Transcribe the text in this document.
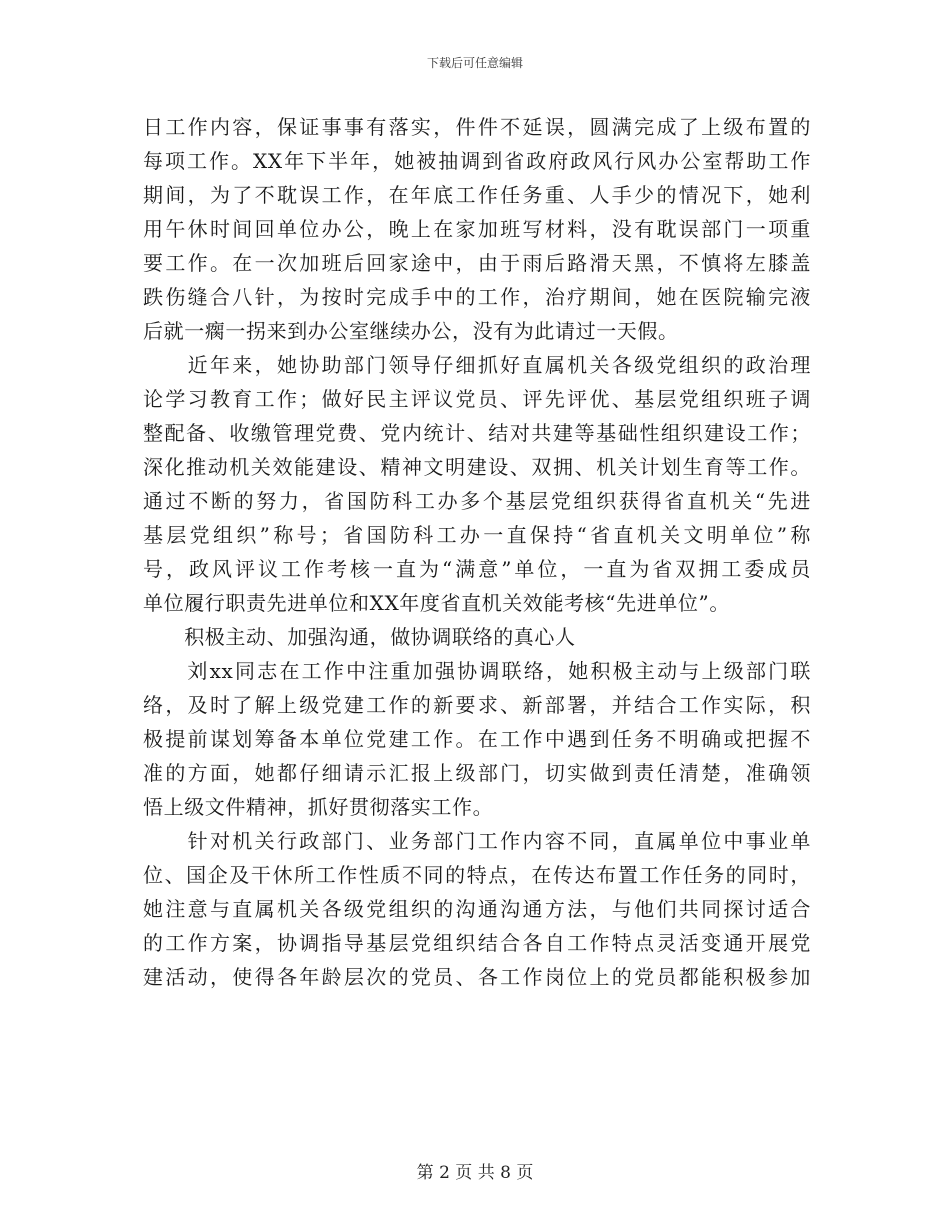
下载后可任意编辑
日工作内容，保证事事有落实，件件不延误，圆满完成了上级布置的
每项工作。XX年下半年，她被抽调到省政府政风行风办公室帮助工作
期间，为了不耽误工作，在年底工作任务重、人手少的情况下，她利
用午休时间回单位办公，晚上在家加班写材料，没有耽误部门一项重
要工作。在一次加班后回家途中，由于雨后路滑天黑，不慎将左膝盖
跌伤缝合八针，为按时完成手中的工作，治疗期间，她在医院输完液
后就一瘸一拐来到办公室继续办公，没有为此请过一天假。
　　近年来，她协助部门领导仔细抓好直属机关各级党组织的政治理
论学习教育工作；做好民主评议党员、评先评优、基层党组织班子调
整配备、收缴管理党费、党内统计、结对共建等基础性组织建设工作；
深化推动机关效能建设、精神文明建设、双拥、机关计划生育等工作。
通过不断的努力，省国防科工办多个基层党组织获得省直机关“先进
基层党组织”称号；省国防科工办一直保持“省直机关文明单位”称
号，政风评议工作考核一直为“满意”单位，一直为省双拥工委成员
单位履行职责先进单位和XX年度省直机关效能考核“先进单位”。
　　积极主动、加强沟通，做协调联络的真心人
　　刘xx同志在工作中注重加强协调联络，她积极主动与上级部门联
络，及时了解上级党建工作的新要求、新部署，并结合工作实际，积
极提前谋划筹备本单位党建工作。在工作中遇到任务不明确或把握不
准的方面，她都仔细请示汇报上级部门，切实做到责任清楚，准确领
悟上级文件精神，抓好贯彻落实工作。
　　针对机关行政部门、业务部门工作内容不同，直属单位中事业单
位、国企及干休所工作性质不同的特点，在传达布置工作任务的同时，
她注意与直属机关各级党组织的沟通沟通方法，与他们共同探讨适合
的工作方案，协调指导基层党组织结合各自工作特点灵活变通开展党
建活动，使得各年龄层次的党员、各工作岗位上的党员都能积极参加
第 2 页 共 8 页
